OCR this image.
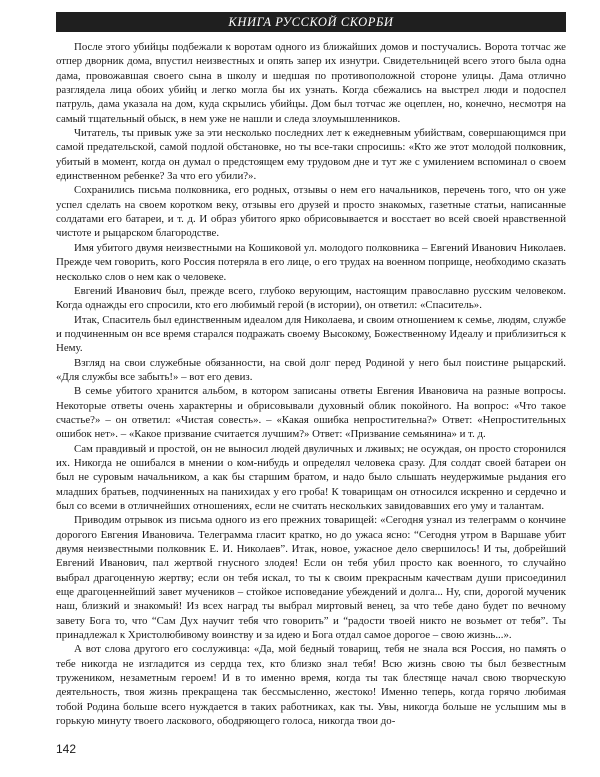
КНИГА РУССКОЙ СКОРБИ

После этого убийцы подбежали к воротам одного из ближайших домов и постучались. Ворота тотчас же отпер дворник дома, впустил неизвестных и опять запер их изнутри. Свидетельницей всего этого была одна дама, провожавшая своего сына в школу и шедшая по противоположной стороне улицы. Дама отлично разглядела лица обоих убийц и легко могла бы их узнать. Когда сбежались на выстрел люди и подоспел патруль, дама указала на дом, куда скрылись убийцы. Дом был тотчас же оцеплен, но, конечно, несмотря на самый тщательный обыск, в нем уже не нашли и следа злоумышленников.

Читатель, ты привык уже за эти несколько последних лет к ежедневным убийствам, совершающимся при самой предательской, самой подлой обстановке, но ты все-таки спросишь: «Кто же этот молодой полковник, убитый в момент, когда он думал о предстоящем ему трудовом дне и тут же с умилением вспоминал о своем единственном ребенке? За что его убили?».

Сохранились письма полковника, его родных, отзывы о нем его начальников, перечень того, что он уже успел сделать на своем коротком веку, отзывы его друзей и просто знакомых, газетные статьи, написанные солдатами его батареи, и т. д. И образ убитого ярко обрисовывается и восстает во всей своей нравственной чистоте и рыцарском благородстве.

Имя убитого двумя неизвестными на Кошиковой ул. молодого полковника – Евгений Иванович Николаев. Прежде чем говорить, кого Россия потеряла в его лице, о его трудах на военном поприще, необходимо сказать несколько слов о нем как о человеке.

Евгений Иванович был, прежде всего, глубоко верующим, настоящим православно русским человеком. Когда однажды его спросили, кто его любимый герой (в истории), он ответил: «Спаситель».

Итак, Спаситель был единственным идеалом для Николаева, и своим отношением к семье, людям, службе и подчиненным он все время старался подражать своему Высокому, Божественному Идеалу и приблизиться к Нему.

Взгляд на свои служебные обязанности, на свой долг перед Родиной у него был поистине рыцарский. «Для службы все забыть!» – вот его девиз.

В семье убитого хранится альбом, в котором записаны ответы Евгения Ивановича на разные вопросы. Некоторые ответы очень характерны и обрисовывали духовный облик покойного. На вопрос: «Что такое счастье?» – он ответил: «Чистая совесть». – «Какая ошибка непростительна?» Ответ: «Непростительных ошибок нет». – «Какое призвание считается лучшим?» Ответ: «Призвание семьянина» и т. д.

Сам правдивый и простой, он не выносил людей двуличных и лживых; не осуждая, он просто сторонился их. Никогда не ошибался в мнении о ком-нибудь и определял человека сразу. Для солдат своей батареи он был не суровым начальником, а как бы старшим братом, и надо было слышать неудержимые рыдания его младших братьев, подчиненных на панихидах у его гроба! К товарищам он относился искренно и сердечно и был со всеми в отличнейших отношениях, если не считать нескольких завидовавших его уму и талантам.

Приводим отрывок из письма одного из его прежних товарищей: «Сегодня узнал из телеграмм о кончине дорогого Евгения Ивановича. Телеграмма гласит кратко, но до ужаса ясно: “Сегодня утром в Варшаве убит двумя неизвестными полковник Е. И. Николаев”. Итак, новое, ужасное дело свершилось! И ты, добрейший Евгений Иванович, пал жертвой гнусного злодея! Если он тебя убил просто как военного, то случайно выбрал драгоценную жертву; если он тебя искал, то ты к своим прекрасным качествам души присоединил еще драгоценнейший завет мучеников – стойкое исповедание убеждений и долга... Ну, спи, дорогой мученик наш, близкий и знакомый! Из всех наград ты выбрал миртовый венец, за что тебе дано будет по вечному завету Бога то, что “Сам Дух научит тебя что говорить” и “радости твоей никто не возьмет от тебя”. Ты принадлежал к Христолюбивому воинству и за идею и Бога отдал самое дорогое – свою жизнь...».

А вот слова другого его сослуживца: «Да, мой бедный товарищ, тебя не знала вся Россия, но память о тебе никогда не изгладится из сердца тех, кто близко знал тебя! Всю жизнь свою ты был безвестным тружеником, незаметным героем! И в то именно время, когда ты так блестяще начал свою творческую деятельность, твоя жизнь прекращена так бессмысленно, жестоко! Именно теперь, когда горячо любимая тобой Родина больше всего нуждается в таких работниках, как ты. Увы, никогда больше не услышим мы в горькую минуту твоего ласкового, ободряющего голоса, никогда твои до-

142
